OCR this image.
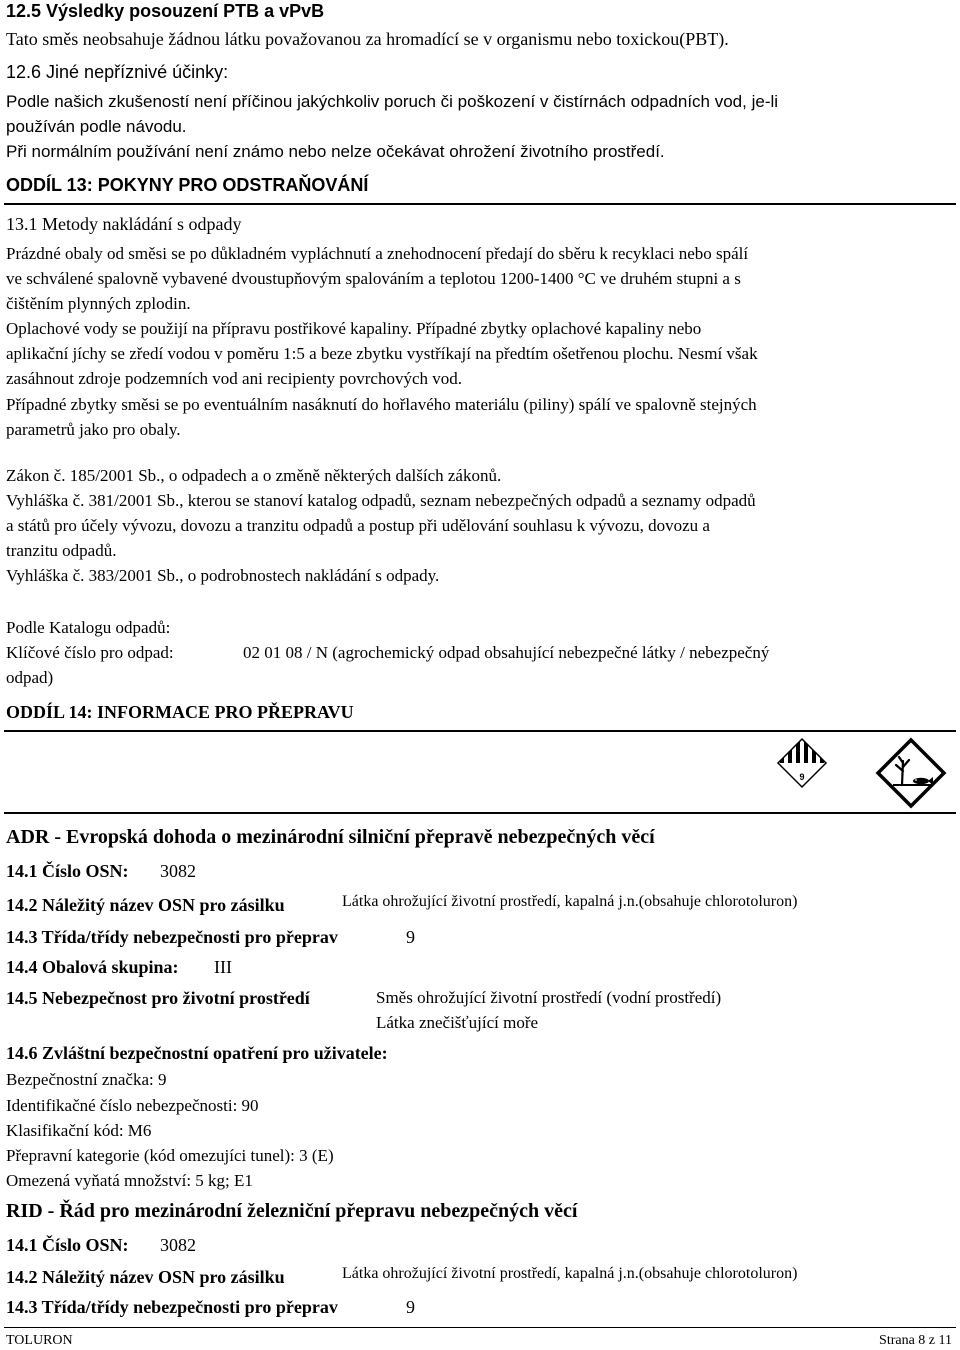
12.5 Výsledky posouzení PTB a vPvB
Tato směs neobsahuje žádnou látku považovanou za hromadící se v organismu nebo toxickou(PBT).
12.6 Jiné nepříznivé účinky:
Podle našich zkušeností není příčinou jakýchkoliv poruch či poškození v čistírnách odpadních vod, je-li
používán podle návodu.
Při normálním používání není známo nebo nelze očekávat ohrožení životního prostředí.
ODDÍL 13: POKYNY PRO ODSTRAŇOVÁNÍ
13.1 Metody nakládání s odpady
Prázdné obaly od směsi se po důkladném vypláchnutí a znehodnocení předají do sběru k recyklaci nebo spálí
ve schválené spalovně vybavené dvoustupňovým spalováním a teplotou 1200-1400 °C ve druhém stupni a s
čištěním plynných zplodin.
Oplachové vody se použijí na přípravu postřikové kapaliny. Případné zbytky oplachové kapaliny nebo
aplikační jíchy se zředí vodou v poměru 1:5 a beze zbytku vystříkají na předtím ošetřenou plochu. Nesmí však
zasáhnout zdroje podzemních vod ani recipienty povrchových vod.
Případné zbytky směsi se po eventuálním nasáknutí do hořlavého materiálu (piliny) spálí ve spalovně stejných
parametrů jako pro obaly.
Zákon č. 185/2001 Sb., o odpadech a o změně některých dalších zákonů.
Vyhláška č. 381/2001 Sb., kterou se stanoví katalog odpadů, seznam nebezpečných odpadů a seznamy odpadů
a států pro účely vývozu, dovozu a tranzitu odpadů a postup při udělování souhlasu k vývozu, dovozu a
tranzitu odpadů.
Vyhláška č. 383/2001 Sb., o podrobnostech nakládání s odpady.
Podle Katalogu odpadů:
Klíčové číslo pro odpad:	02 01 08 / N (agrochemický odpad obsahující nebezpečné látky / nebezpečný
odpad)
ODDÍL 14: INFORMACE PRO PŘEPRAVU
9
ADR - Evropská dohoda o mezinárodní silniční přepravě nebezpečných věcí
14.1 Číslo OSN: 3082
14.2 Náležitý název OSN pro zásilku	Látka ohrožující životní prostředí, kapalná j.n.(obsahuje chlorotoluron)
14.3 Třída/třídy nebezpečnosti pro přeprav	9
14.4 Obalová skupina: III
14.5 Nebezpečnost pro životní prostředí	Směs ohrožující životní prostředí (vodní prostředí)
Látka znečišťující moře
14.6 Zvláštní bezpečnostní opatření pro uživatele:
Bezpečnostní značka: 9
Identifikačné číslo nebezpečnosti: 90
Klasifikační kód: M6
Přepravní kategorie (kód omezujíci tunel): 3 (E)
Omezená vyňatá množství: 5 kg; E1
RID - Řád pro mezinárodní železniční přepravu nebezpečných věcí
14.1 Číslo OSN: 3082
14.2 Náležitý název OSN pro zásilku	Látka ohrožující životní prostředí, kapalná j.n.(obsahuje chlorotoluron)
14.3 Třída/třídy nebezpečnosti pro přeprav	9
TOLURON	Strana 8 z 11
